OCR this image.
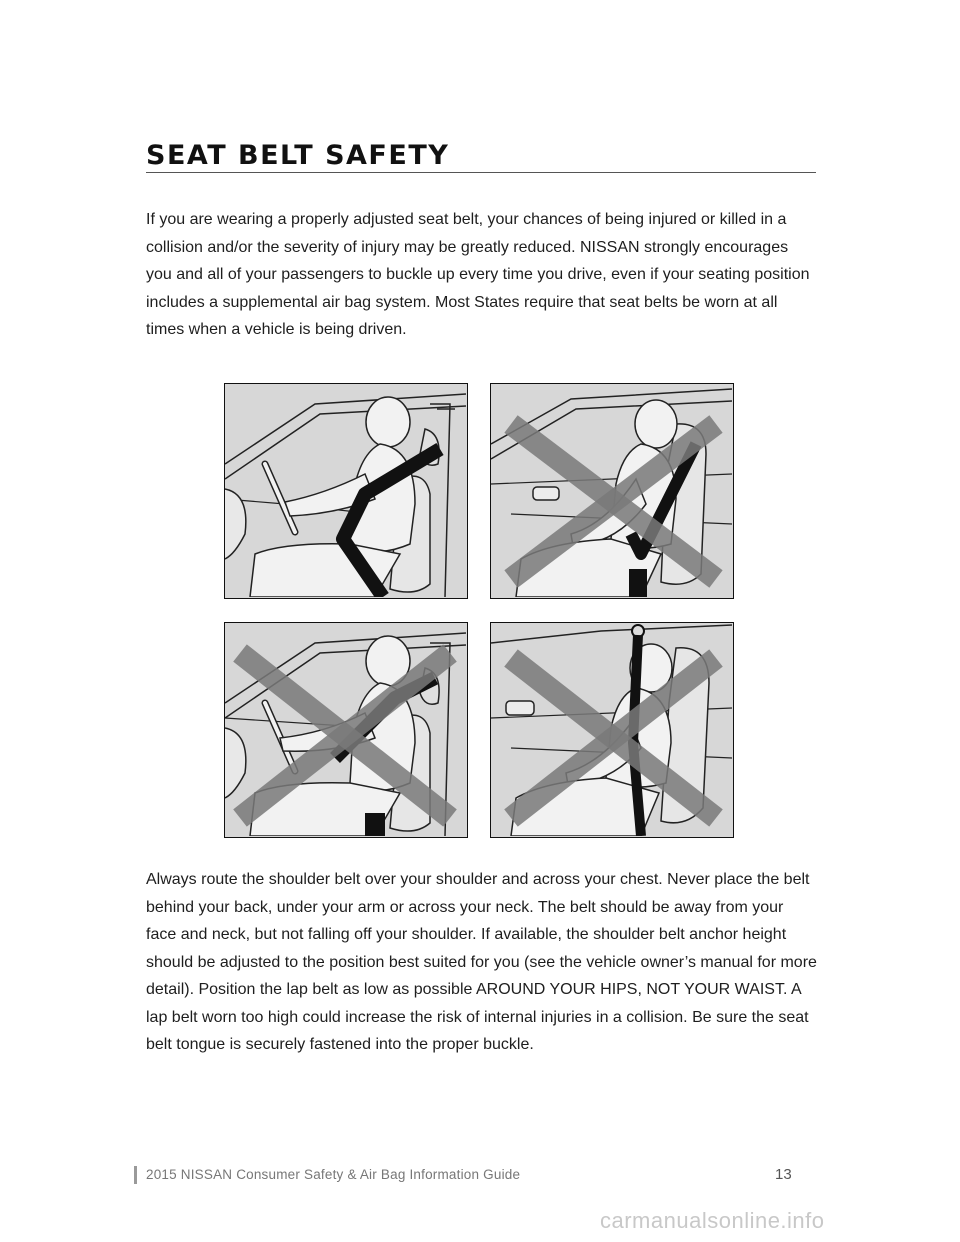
SEAT BELT SAFETY
If you are wearing a properly adjusted seat belt, your chances of being injured or killed in a collision and/or the severity of injury may be greatly reduced. NISSAN strongly encourages you and all of your passengers to buckle up every time you drive, even if your seating position includes a supplemental air bag system. Most States require that seat belts be worn at all times when a vehicle is being driven.
Always route the shoulder belt over your shoulder and across your chest. Never place the belt behind your back, under your arm or across your neck. The belt should be away from your face and neck, but not falling off your shoulder. If available, the shoulder belt anchor height should be adjusted to the position best suited for you (see the vehicle owner’s manual for more detail). Position the lap belt as low as possible AROUND YOUR HIPS, NOT YOUR WAIST. A lap belt worn too high could increase the risk of internal injuries in a collision. Be sure the seat belt tongue is securely fastened into the proper buckle.
2015 NISSAN Consumer Safety & Air Bag Information Guide	13
carmanualsonline.info
